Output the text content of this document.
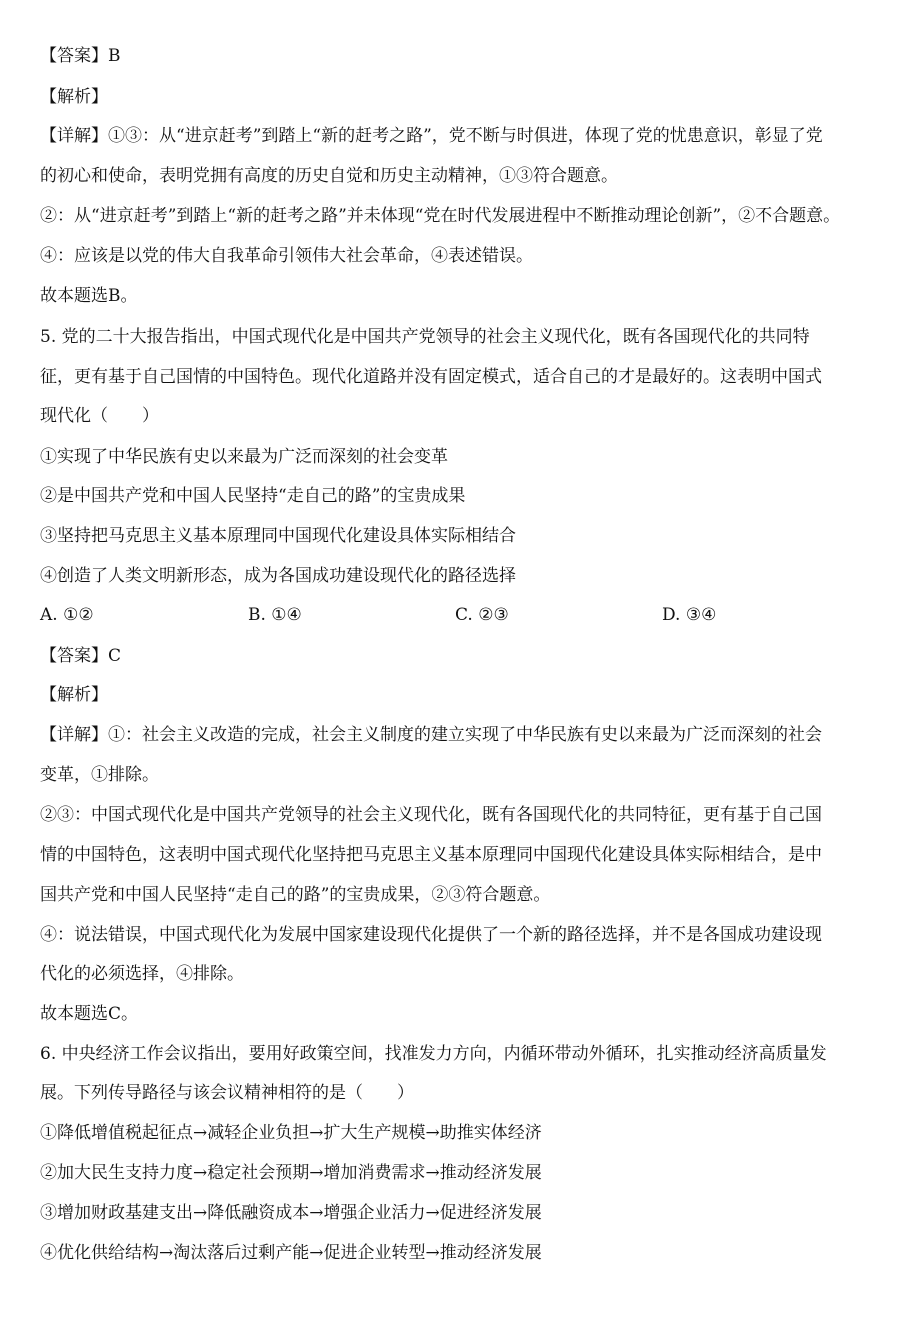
【答案】B
【解析】
【详解】①③：从“进京赶考”到踏上“新的赶考之路”，党不断与时俱进，体现了党的忧患意识，彰显了党
的初心和使命，表明党拥有高度的历史自觉和历史主动精神，①③符合题意。
②：从“进京赶考”到踏上“新的赶考之路”并未体现“党在时代发展进程中不断推动理论创新”，②不合题意。
④：应该是以党的伟大自我革命引领伟大社会革命，④表述错误。
故本题选B。
5. 党的二十大报告指出，中国式现代化是中国共产党领导的社会主义现代化，既有各国现代化的共同特
征，更有基于自己国情的中国特色。现代化道路并没有固定模式，适合自己的才是最好的。这表明中国式
现代化（　　）
①实现了中华民族有史以来最为广泛而深刻的社会变革
②是中国共产党和中国人民坚持“走自己的路”的宝贵成果
③坚持把马克思主义基本原理同中国现代化建设具体实际相结合
④创造了人类文明新形态，成为各国成功建设现代化的路径选择
A. ①②	B. ①④	C. ②③	D. ③④
【答案】C
【解析】
【详解】①：社会主义改造的完成，社会主义制度的建立实现了中华民族有史以来最为广泛而深刻的社会
变革，①排除。
②③：中国式现代化是中国共产党领导的社会主义现代化，既有各国现代化的共同特征，更有基于自己国
情的中国特色，这表明中国式现代化坚持把马克思主义基本原理同中国现代化建设具体实际相结合，是中
国共产党和中国人民坚持“走自己的路”的宝贵成果，②③符合题意。
④：说法错误，中国式现代化为发展中国家建设现代化提供了一个新的路径选择，并不是各国成功建设现
代化的必须选择，④排除。
故本题选C。
6. 中央经济工作会议指出，要用好政策空间，找准发力方向，内循环带动外循环，扎实推动经济高质量发
展。下列传导路径与该会议精神相符的是（　　）
①降低增值税起征点→减轻企业负担→扩大生产规模→助推实体经济
②加大民生支持力度→稳定社会预期→增加消费需求→推动经济发展
③增加财政基建支出→降低融资成本→增强企业活力→促进经济发展
④优化供给结构→淘汰落后过剩产能→促进企业转型→推动经济发展
